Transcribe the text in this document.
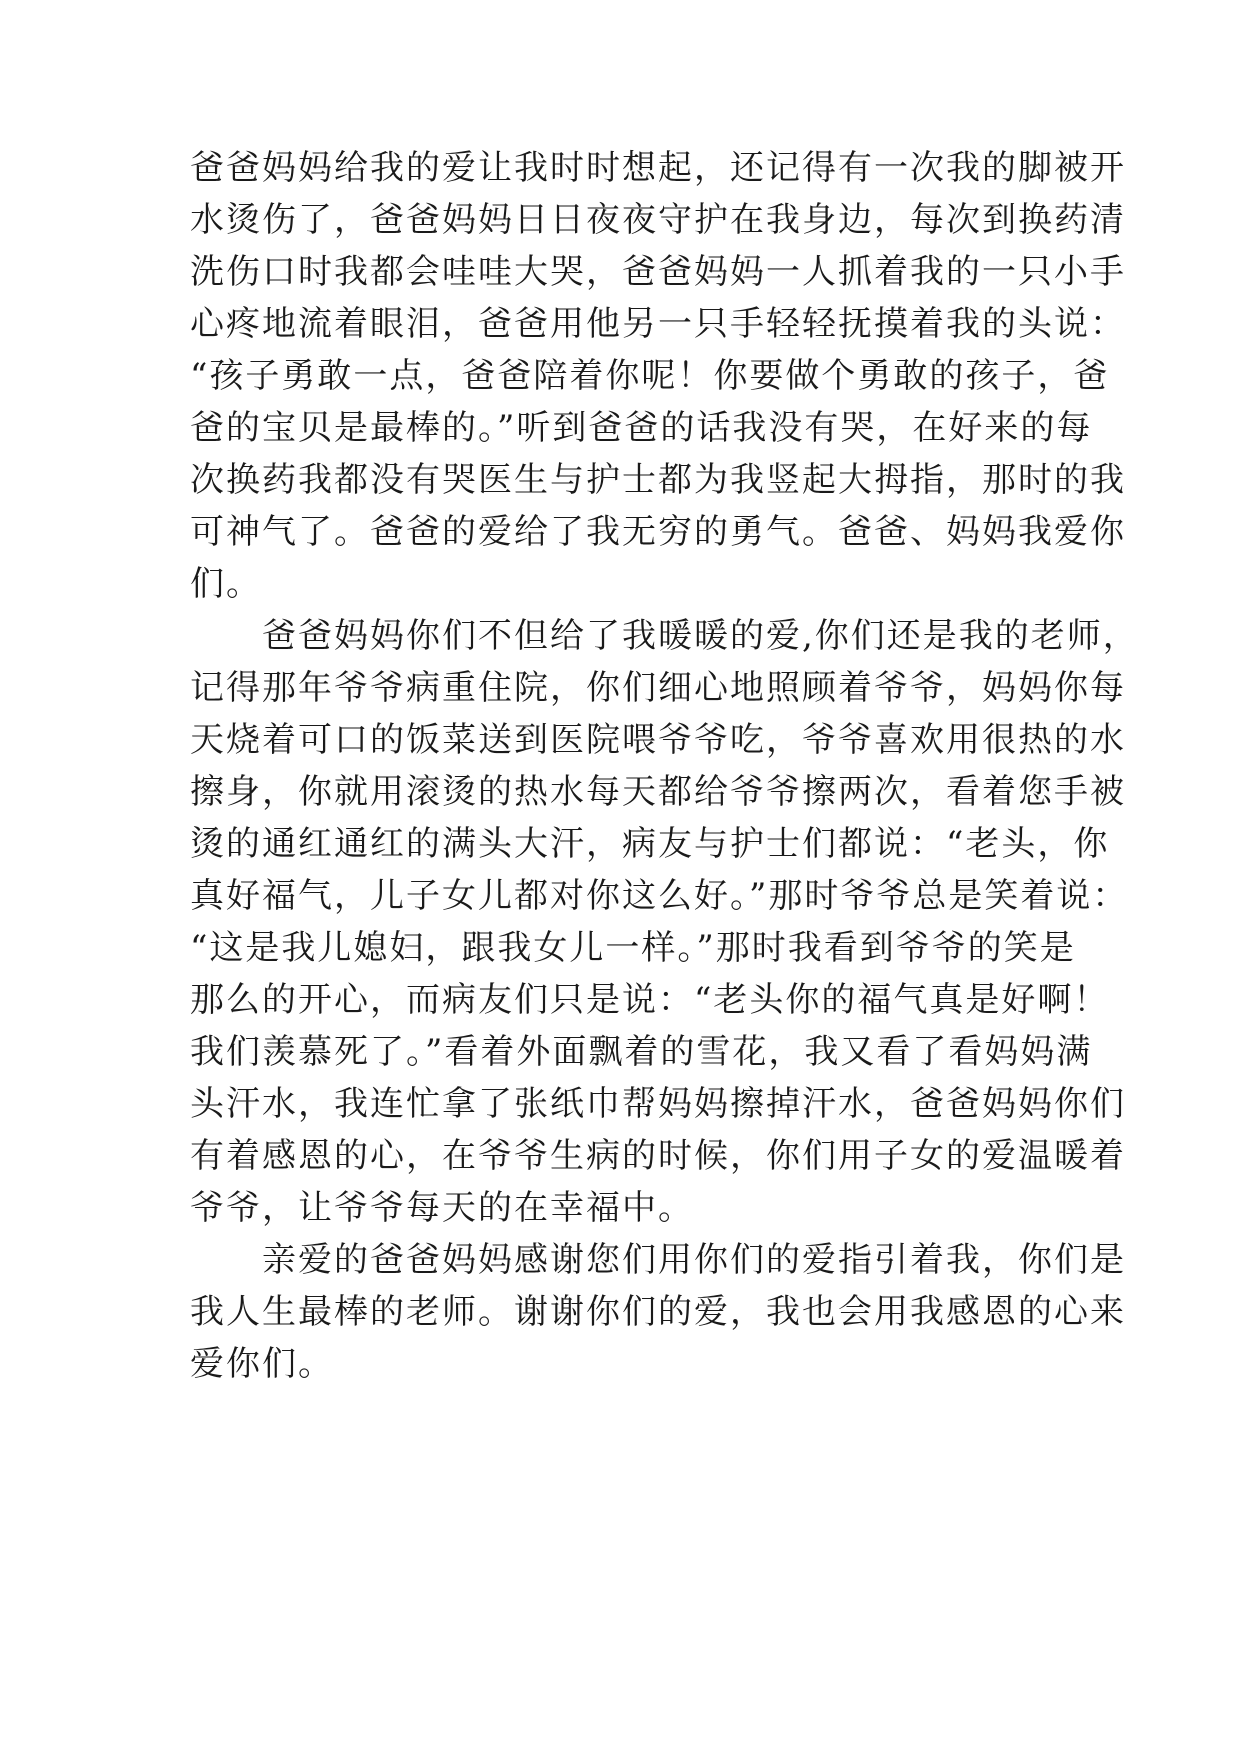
爸爸妈妈给我的爱让我时时想起，还记得有一次我的脚被开
水烫伤了，爸爸妈妈日日夜夜守护在我身边，每次到换药清
洗伤口时我都会哇哇大哭，爸爸妈妈一人抓着我的一只小手
心疼地流着眼泪，爸爸用他另一只手轻轻抚摸着我的头说：
“孩子勇敢一点，爸爸陪着你呢！你要做个勇敢的孩子，爸
爸的宝贝是最棒的。”听到爸爸的话我没有哭，在好来的每
次换药我都没有哭医生与护士都为我竖起大拇指，那时的我
可神气了。爸爸的爱给了我无穷的勇气。爸爸、妈妈我爱你
们。
　　爸爸妈妈你们不但给了我暖暖的爱,你们还是我的老师，
记得那年爷爷病重住院，你们细心地照顾着爷爷，妈妈你每
天烧着可口的饭菜送到医院喂爷爷吃，爷爷喜欢用很热的水
擦身，你就用滚烫的热水每天都给爷爷擦两次，看着您手被
烫的通红通红的满头大汗，病友与护士们都说：“老头，你
真好福气，儿子女儿都对你这么好。”那时爷爷总是笑着说：
“这是我儿媳妇，跟我女儿一样。”那时我看到爷爷的笑是
那么的开心，而病友们只是说：“老头你的福气真是好啊！
我们羡慕死了。”看着外面飘着的雪花，我又看了看妈妈满
头汗水，我连忙拿了张纸巾帮妈妈擦掉汗水，爸爸妈妈你们
有着感恩的心，在爷爷生病的时候，你们用子女的爱温暖着
爷爷，让爷爷每天的在幸福中。
　　亲爱的爸爸妈妈感谢您们用你们的爱指引着我，你们是
我人生最棒的老师。谢谢你们的爱，我也会用我感恩的心来
爱你们。
